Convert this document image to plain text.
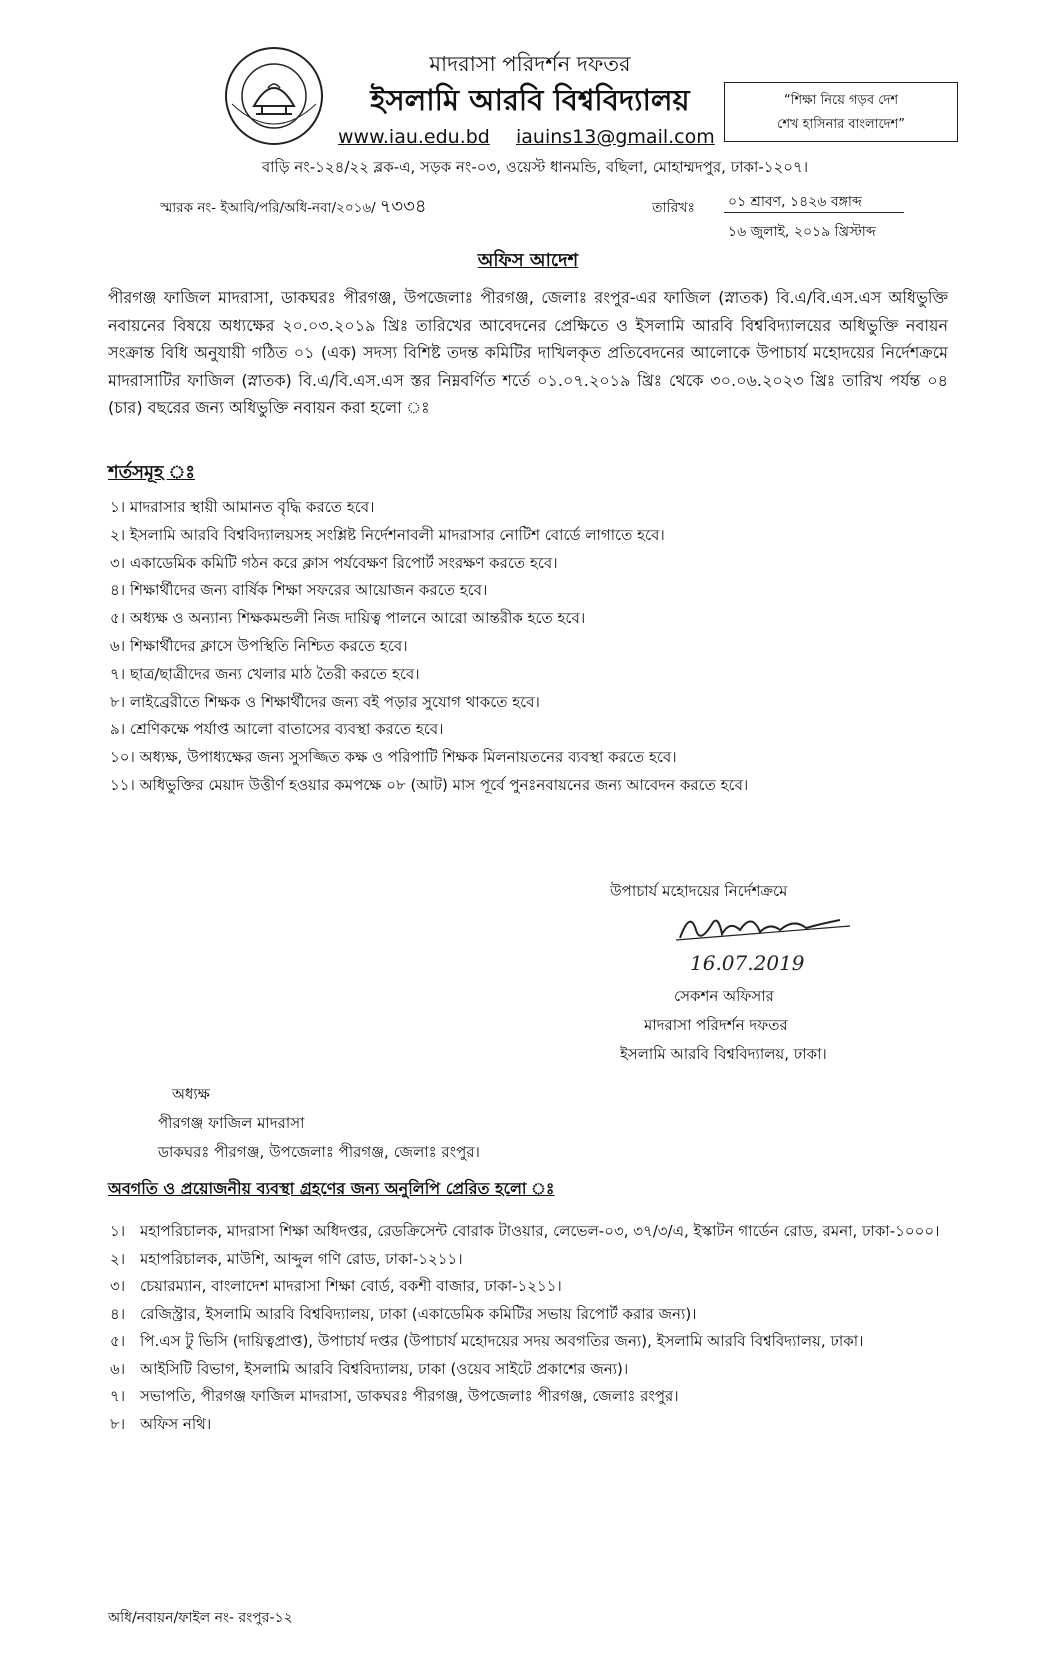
মাদরাসা পরিদর্শন দফতর
ইসলামি আরবি বিশ্ববিদ্যালয়
www.iau.edu.bd iauins13@gmail.com
বাড়ি নং-১২৪/২২ ব্লক-এ, সড়ক নং-০৩, ওয়েস্ট ধানমন্ডি, বছিলা, মোহাম্মদপুর, ঢাকা-১২০৭।
“শিক্ষা নিয়ে গড়ব দেশ
শেখ হাসিনার বাংলাদেশ”
স্মারক নং- ইআবি/পরি/অধি-নবা/২০১৬/ ৭৩৩৪	তারিখঃ ০১ শ্রাবণ, ১৪২৬ বঙ্গাব্দ
১৬ জুলাই, ২০১৯ খ্রিস্টাব্দ
অফিস আদেশ
পীরগঞ্জ ফাজিল মাদরাসা, ডাকঘরঃ পীরগঞ্জ, উপজেলাঃ পীরগঞ্জ, জেলাঃ রংপুর-এর ফাজিল (স্নাতক) বি.এ/বি.এস.এস অধিভুক্তি নবায়নের বিষয়ে অধ্যক্ষের ২০.০৩.২০১৯ খ্রিঃ তারিখের আবেদনের প্রেক্ষিতে ও ইসলামি আরবি বিশ্ববিদ্যালয়ের অধিভুক্তি নবায়ন সংক্রান্ত বিধি অনুযায়ী গঠিত ০১ (এক) সদস্য বিশিষ্ট তদন্ত কমিটির দাখিলকৃত প্রতিবেদনের আলোকে উপাচার্য মহোদয়ের নির্দেশক্রমে মাদরাসাটির ফাজিল (স্নাতক) বি.এ/বি.এস.এস স্তর নিম্নবর্ণিত শর্তে ০১.০৭.২০১৯ খ্রিঃ থেকে ৩০.০৬.২০২৩ খ্রিঃ তারিখ পর্যন্ত ০৪ (চার) বছরের জন্য অধিভুক্তি নবায়ন করা হলো ঃ
শর্তসমূহ ঃ
১। মাদরাসার স্থায়ী আমানত বৃদ্ধি করতে হবে।
২। ইসলামি আরবি বিশ্ববিদ্যালয়সহ সংশ্লিষ্ট নির্দেশনাবলী মাদরাসার নোটিশ বোর্ডে লাগাতে হবে।
৩। একাডেমিক কমিটি গঠন করে ক্লাস পর্যবেক্ষণ রিপোর্ট সংরক্ষণ করতে হবে।
৪। শিক্ষার্থীদের জন্য বার্ষিক শিক্ষা সফরের আয়োজন করতে হবে।
৫। অধ্যক্ষ ও অন্যান্য শিক্ষকমন্ডলী নিজ দায়িত্ব পালনে আরো আন্তরীক হতে হবে।
৬। শিক্ষার্থীদের ক্লাসে উপস্থিতি নিশ্চিত করতে হবে।
৭। ছাত্র/ছাত্রীদের জন্য খেলার মাঠ তৈরী করতে হবে।
৮। লাইব্রেরীতে শিক্ষক ও শিক্ষার্থীদের জন্য বই পড়ার সুযোগ থাকতে হবে।
৯। শ্রেণিকক্ষে পর্যাপ্ত আলো বাতাসের ব্যবস্থা করতে হবে।
১০। অধ্যক্ষ, উপাধ্যক্ষের জন্য সুসজ্জিত কক্ষ ও পরিপাটি শিক্ষক মিলনায়তনের ব্যবস্থা করতে হবে।
১১। অধিভুক্তির মেয়াদ উত্তীর্ণ হওয়ার কমপক্ষে ০৮ (আট) মাস পূর্বে পুনঃনবায়নের জন্য আবেদন করতে হবে।
উপাচার্য মহোদয়ের নির্দেশক্রমে
16.07.2019
সেকশন অফিসার
মাদরাসা পরিদর্শন দফতর
ইসলামি আরবি বিশ্ববিদ্যালয়, ঢাকা।
অধ্যক্ষ
পীরগঞ্জ ফাজিল মাদরাসা
ডাকঘরঃ পীরগঞ্জ, উপজেলাঃ পীরগঞ্জ, জেলাঃ রংপুর।
অবগতি ও প্রয়োজনীয় ব্যবস্থা গ্রহণের জন্য অনুলিপি প্রেরিত হলো ঃ
১। মহাপরিচালক, মাদরাসা শিক্ষা অধিদপ্তর, রেডক্রিসেন্ট বোরাক টাওয়ার, লেভেল-০৩, ৩৭/৩/এ, ইস্কাটন গার্ডেন রোড, রমনা, ঢাকা-১০০০।
২। মহাপরিচালক, মাউশি, আব্দুল গণি রোড, ঢাকা-১২১১।
৩। চেয়ারম্যান, বাংলাদেশ মাদরাসা শিক্ষা বোর্ড, বকশী বাজার, ঢাকা-১২১১।
৪। রেজিস্ট্রার, ইসলামি আরবি বিশ্ববিদ্যালয়, ঢাকা (একাডেমিক কমিটির সভায় রিপোর্ট করার জন্য)।
৫। পি.এস টু ভিসি (দায়িত্বপ্রাপ্ত), উপাচার্য দপ্তর (উপাচার্য মহোদয়ের সদয় অবগতির জন্য), ইসলামি আরবি বিশ্ববিদ্যালয়, ঢাকা।
৬। আইসিটি বিভাগ, ইসলামি আরবি বিশ্ববিদ্যালয়, ঢাকা (ওয়েব সাইটে প্রকাশের জন্য)।
৭। সভাপতি, পীরগঞ্জ ফাজিল মাদরাসা, ডাকঘরঃ পীরগঞ্জ, উপজেলাঃ পীরগঞ্জ, জেলাঃ রংপুর।
৮। অফিস নথি।
অধি/নবায়ন/ফাইল নং- রংপুর-১২
